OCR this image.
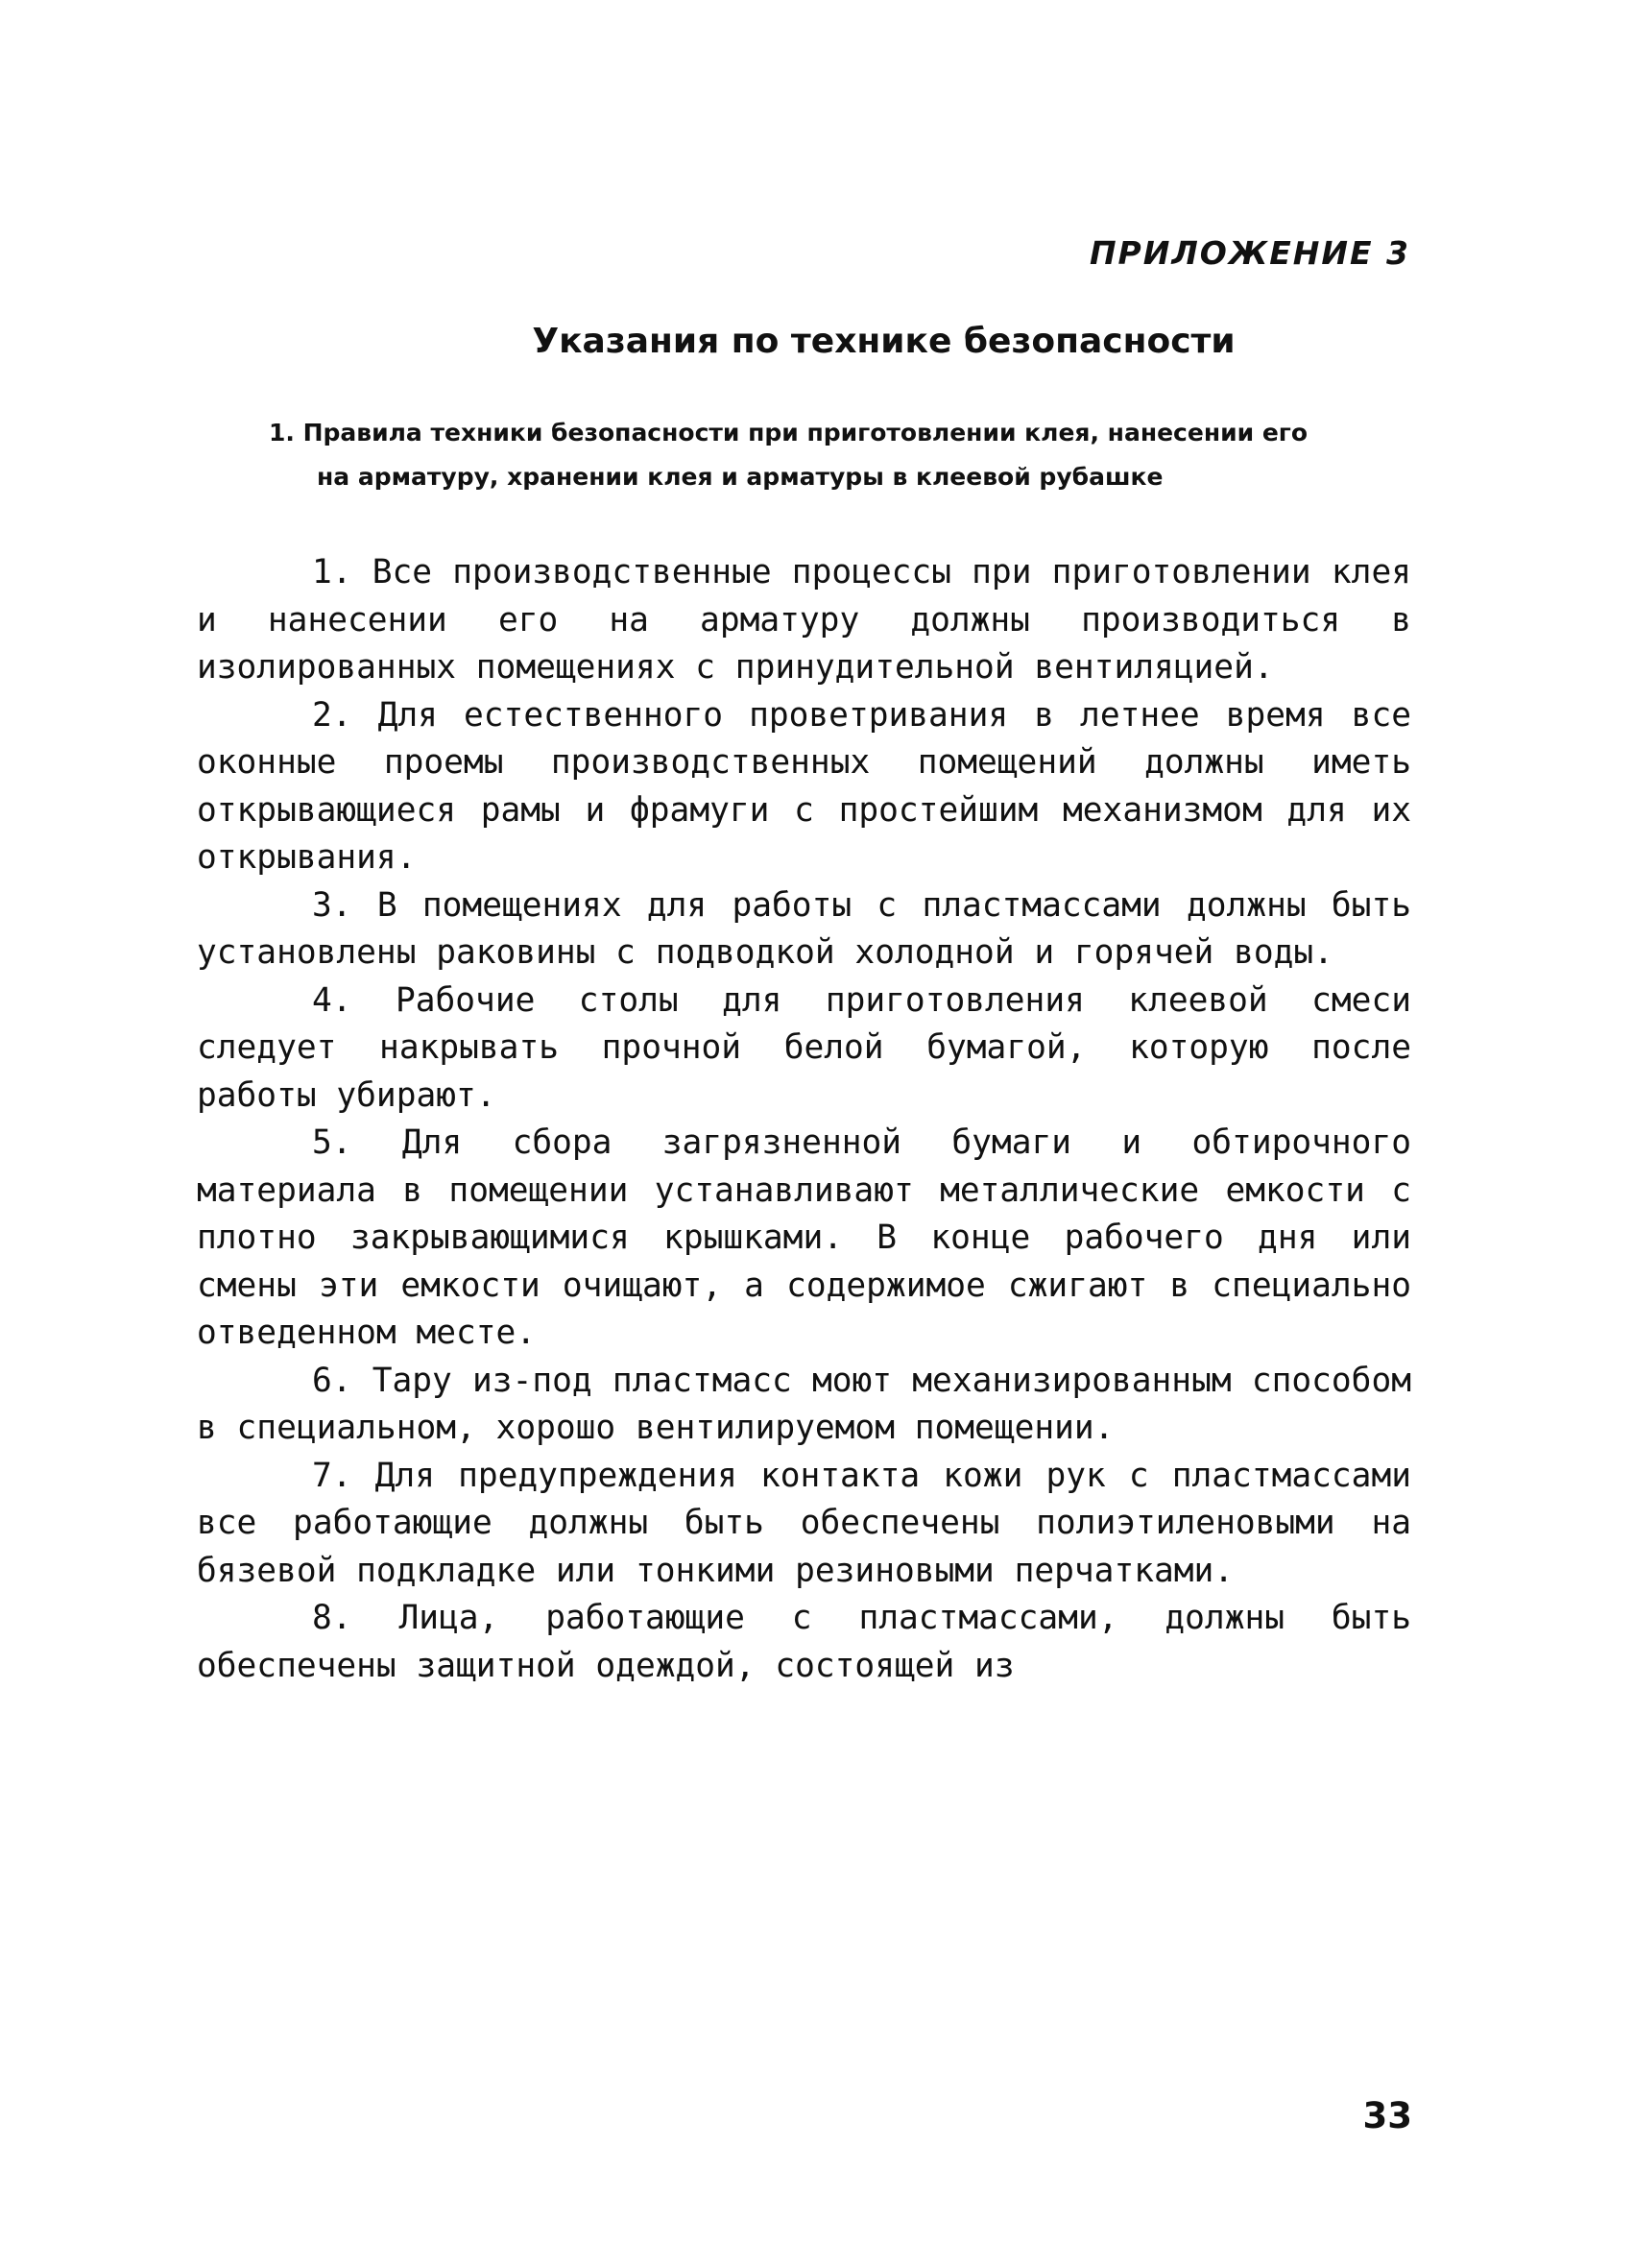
ПРИЛОЖЕНИЕ 3
Указания по технике безопасности
1. Правила техники безопасности при приготовлении клея, нанесении его
на арматуру, хранении клея и арматуры в клеевой рубашке

1. Все производственные процессы при приготовлении клея и нанесении его на арматуру должны производиться в изолированных помещениях с принудительной вентиляцией.

2. Для естественного проветривания в летнее время все оконные проемы производственных помещений должны иметь открывающиеся рамы и фрамуги с простейшим механизмом для их открывания.

3. В помещениях для работы с пластмассами должны быть установлены раковины с подводкой холодной и горячей воды.

4. Рабочие столы для приготовления клеевой смеси следует накрывать прочной белой бумагой, которую после работы убирают.

5. Для сбора загрязненной бумаги и обтирочного материала в помещении устанавливают металлические емкости с плотно закрывающимися крышками. В конце рабочего дня или смены эти емкости очищают, а содержимое сжигают в специально отведенном месте.

6. Тару из-под пластмасс моют механизированным способом в специальном, хорошо вентилируемом помещении.

7. Для предупреждения контакта кожи рук с пластмассами все работающие должны быть обеспечены полиэтиленовыми на бязевой подкладке или тонкими резиновыми перчатками.

8. Лица, работающие с пластмассами, должны быть обеспечены защитной одеждой, состоящей из

33
